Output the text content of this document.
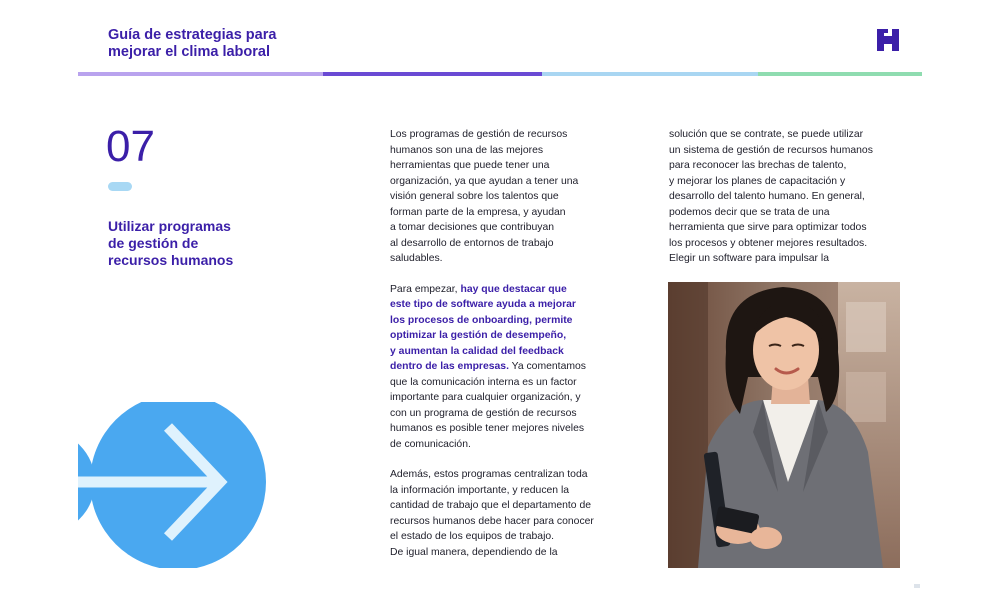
Guía de estrategias para
mejorar el clima laboral
07
Utilizar programas
de gestión de
recursos humanos

Los programas de gestión de recursos

humanos son una de las mejores

herramientas que puede tener una

organización, ya que ayudan a tener una

visión general sobre los talentos que

forman parte de la empresa, y ayudan

a tomar decisiones que contribuyan

al desarrollo de entornos de trabajo

saludables.

Para empezar, hay que destacar que

este tipo de software ayuda a mejorar

los procesos de onboarding, permite

optimizar la gestión de desempeño,

y aumentan la calidad del feedback

dentro de las empresas. Ya comentamos

que la comunicación interna es un factor

importante para cualquier organización, y

con un programa de gestión de recursos

humanos es posible tener mejores niveles

de comunicación.

Además, estos programas centralizan toda

la información importante, y reducen la

cantidad de trabajo que el departamento de

recursos humanos debe hacer para conocer

el estado de los equipos de trabajo.

De igual manera, dependiendo de la

solución que se contrate, se puede utilizar

un sistema de gestión de recursos humanos

para reconocer las brechas de talento,

y mejorar los planes de capacitación y

desarrollo del talento humano. En general,

podemos decir que se trata de una

herramienta que sirve para optimizar todos

los procesos y obtener mejores resultados.

Elegir un software para impulsar la
